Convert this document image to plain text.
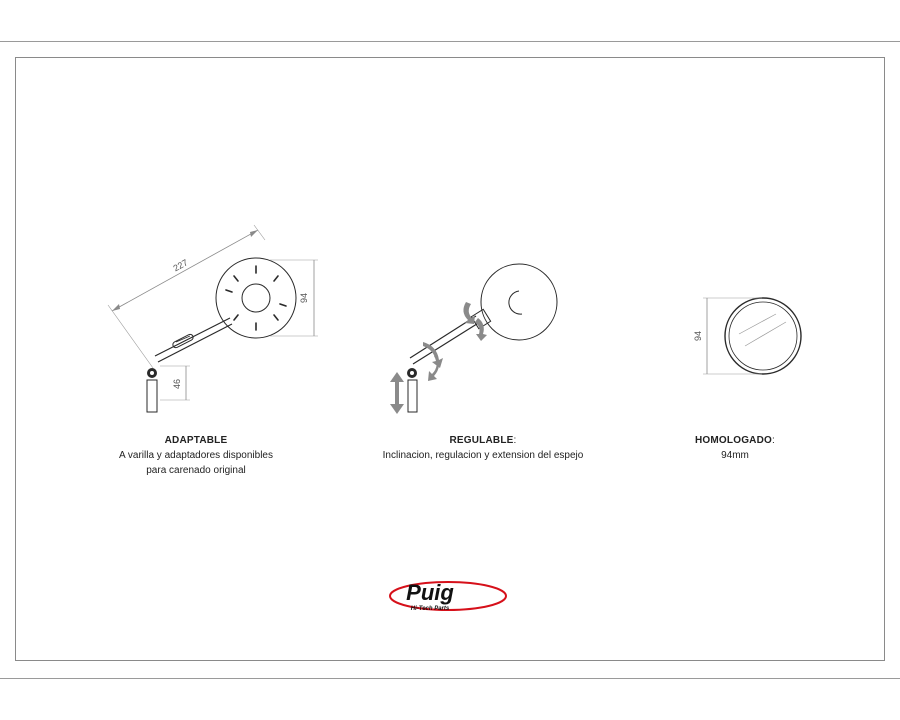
227
94
46
94
Puig
Hi-Tech Parts
ADAPTABLE
A varilla y adaptadores disponibles
para carenado original
REGULABLE:
Inclinacion, regulacion y extension del espejo
HOMOLOGADO:
94mm
